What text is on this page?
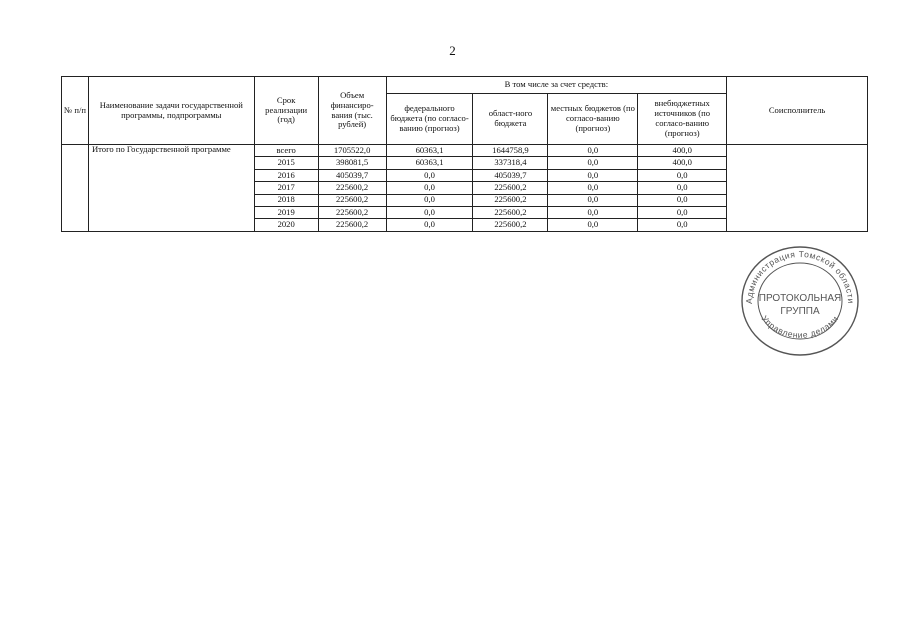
2
№ п/п	Наименование задачи государственной программы, подпрограммы	Срок реализации (год)	Объем финансиро-вания (тыс. рублей)	В том числе за счет средств:				Соисполнитель
				федерального бюджета (по согласо-ванию (прогноз)	област-ного бюджета	местных бюджетов (по согласо-ванию (прогноз)	внебюджетных источников (по согласо-ванию (прогноз)	
	Итого по Государственной программе	всего	1705522,0	60363,1	1644758,9	0,0	400,0	
		2015	398081,5	60363,1	337318,4	0,0	400,0	
		2016	405039,7	0,0	405039,7	0,0	0,0	
		2017	225600,2	0,0	225600,2	0,0	0,0	
		2018	225600,2	0,0	225600,2	0,0	0,0	
		2019	225600,2	0,0	225600,2	0,0	0,0	
		2020	225600,2	0,0	225600,2	0,0	0,0	
Администрация Томской области
Управление делами
ПРОТОКОЛЬНАЯ
ГРУППА
